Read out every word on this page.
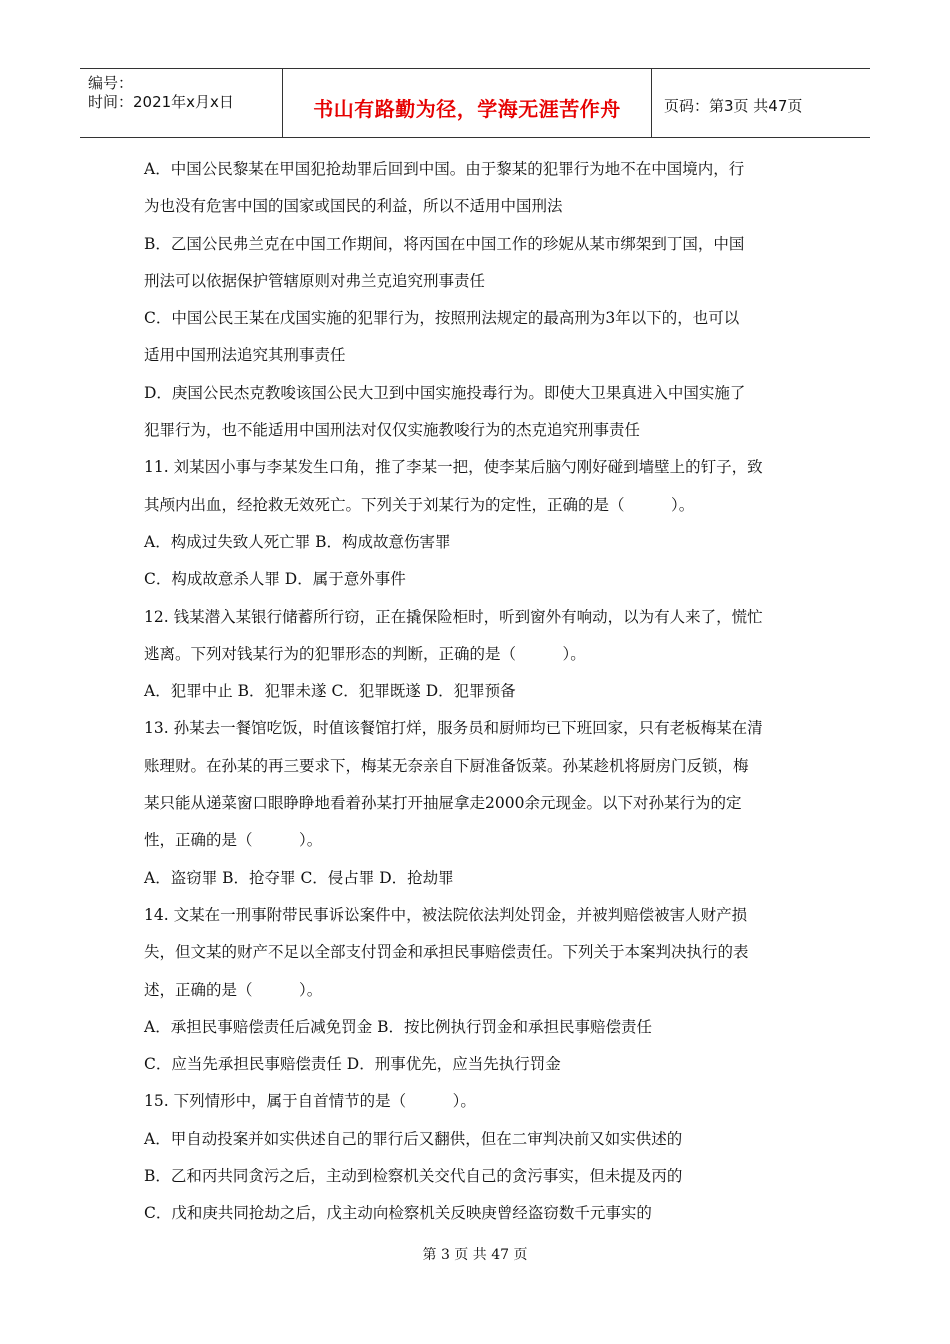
编号：
时间：2021年x月x日	书山有路勤为径，学海无涯苦作舟	页码：第3页 共47页
A．中国公民黎某在甲国犯抢劫罪后回到中国。由于黎某的犯罪行为地不在中国境内，行
为也没有危害中国的国家或国民的利益，所以不适用中国刑法
B．乙国公民弗兰克在中国工作期间，将丙国在中国工作的珍妮从某市绑架到丁国，中国
刑法可以依据保护管辖原则对弗兰克追究刑事责任
C．中国公民王某在戊国实施的犯罪行为，按照刑法规定的最高刑为3年以下的，也可以
适用中国刑法追究其刑事责任
D．庚国公民杰克教唆该国公民大卫到中国实施投毒行为。即使大卫果真进入中国实施了
犯罪行为，也不能适用中国刑法对仅仅实施教唆行为的杰克追究刑事责任
11. 刘某因小事与李某发生口角，推了李某一把，使李某后脑勺刚好碰到墙壁上的钉子，致
其颅内出血，经抢救无效死亡。下列关于刘某行为的定性，正确的是（　　　）。
A．构成过失致人死亡罪 B．构成故意伤害罪
C．构成故意杀人罪 D．属于意外事件
12. 钱某潜入某银行储蓄所行窃，正在撬保险柜时，听到窗外有响动，以为有人来了，慌忙
逃离。下列对钱某行为的犯罪形态的判断，正确的是（　　　）。
A．犯罪中止 B．犯罪未遂 C．犯罪既遂 D．犯罪预备
13. 孙某去一餐馆吃饭，时值该餐馆打烊，服务员和厨师均已下班回家，只有老板梅某在清
账理财。在孙某的再三要求下，梅某无奈亲自下厨准备饭菜。孙某趁机将厨房门反锁，梅
某只能从递菜窗口眼睁睁地看着孙某打开抽屉拿走2000余元现金。以下对孙某行为的定
性，正确的是（　　　）。
A．盗窃罪 B．抢夺罪 C．侵占罪 D．抢劫罪
14. 文某在一刑事附带民事诉讼案件中，被法院依法判处罚金，并被判赔偿被害人财产损
失，但文某的财产不足以全部支付罚金和承担民事赔偿责任。下列关于本案判决执行的表
述，正确的是（　　　）。
A．承担民事赔偿责任后减免罚金 B．按比例执行罚金和承担民事赔偿责任
C．应当先承担民事赔偿责任 D．刑事优先，应当先执行罚金
15. 下列情形中，属于自首情节的是（　　　）。
A．甲自动投案并如实供述自己的罪行后又翻供，但在二审判决前又如实供述的
B．乙和丙共同贪污之后，主动到检察机关交代自己的贪污事实，但未提及丙的
C．戊和庚共同抢劫之后，戊主动向检察机关反映庚曾经盗窃数千元事实的
第 3 页 共 47 页
